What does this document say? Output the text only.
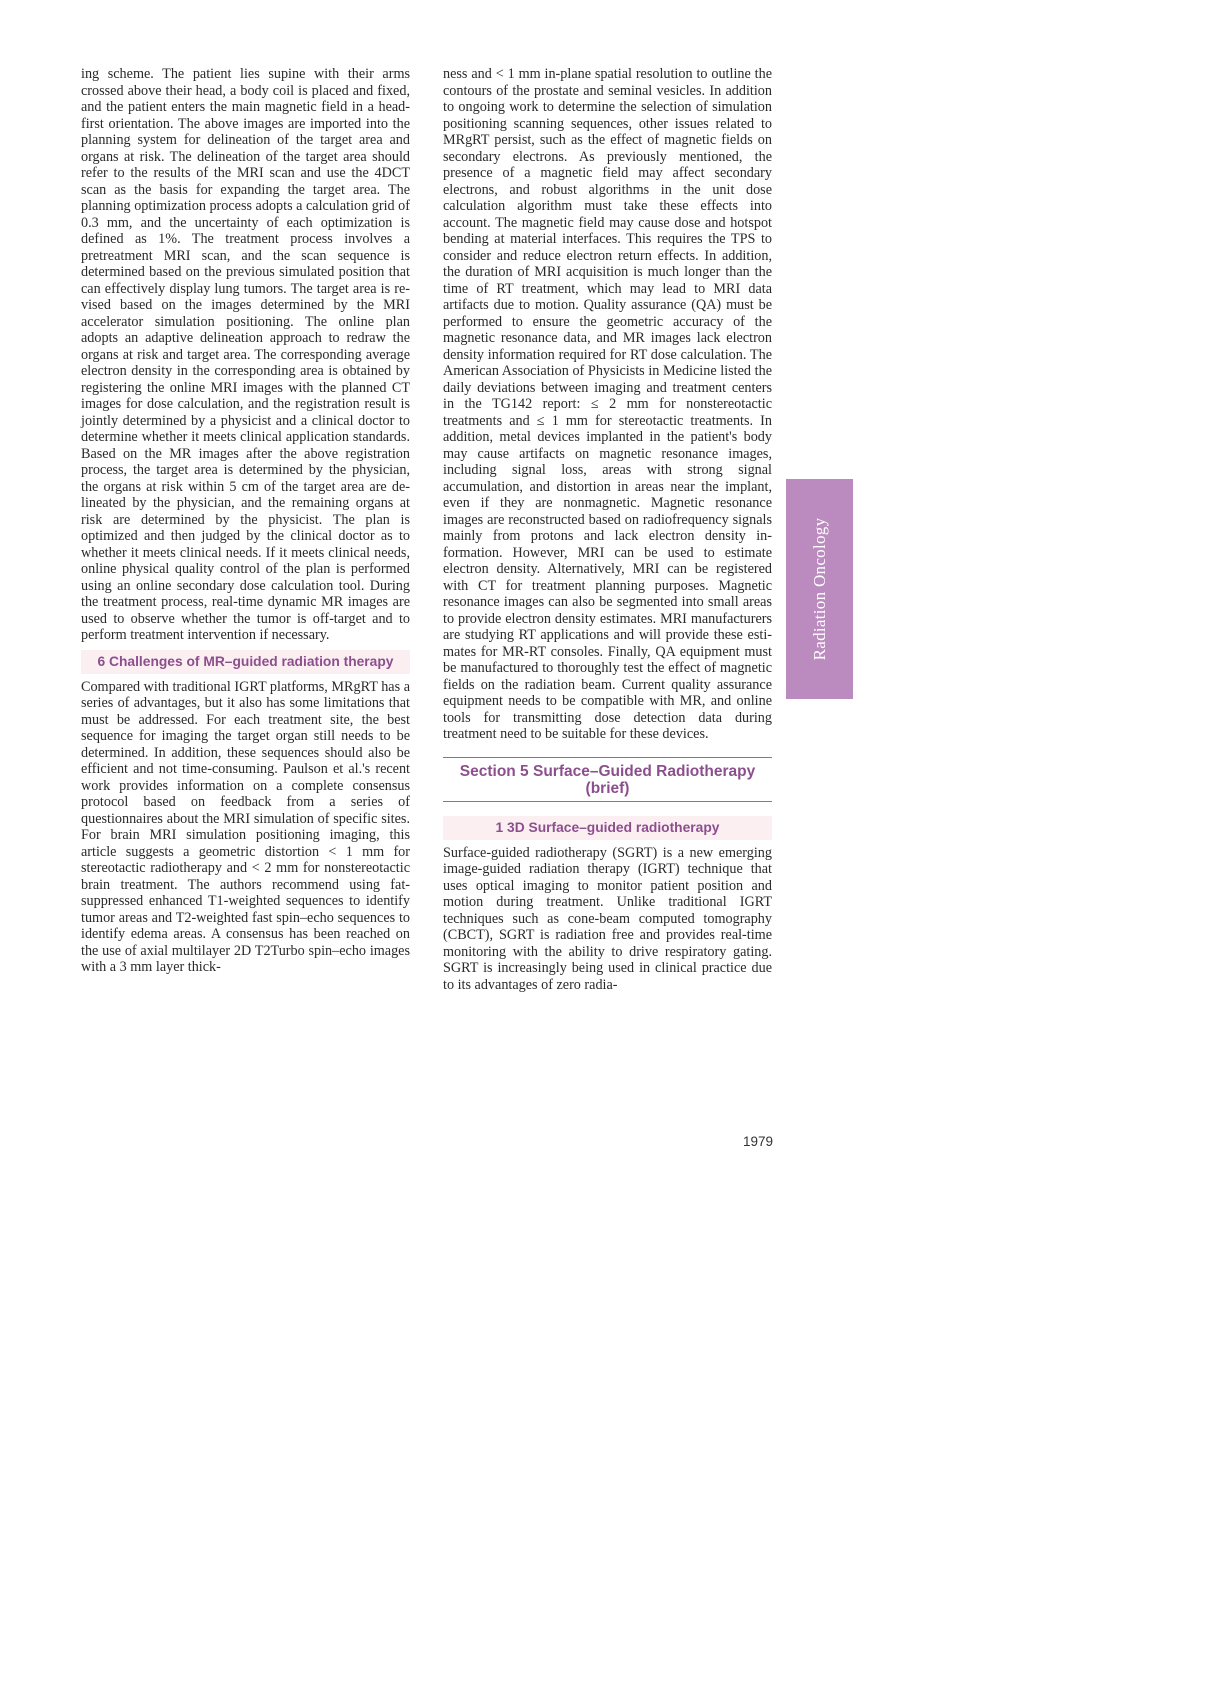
ing scheme. The patient lies supine with their arms crossed above their head, a body coil is placed and fixed, and the patient enters the main magnetic field in a head-first orientation. The above images are imported into the planning system for delineation of the target area and organs at risk. The delineation of the target area should refer to the results of the MRI scan and use the 4DCT scan as the basis for expanding the target area. The planning optimization process adopts a calculation grid of 0.3 mm, and the uncertainty of each optimization is defined as 1%. The treatment process involves a pretreatment MRI scan, and the scan sequence is determined based on the previous simulated position that can effectively display lung tumors. The target area is revised based on the images determined by the MRI accelerator simulation positioning. The online plan adopts an adaptive delineation approach to redraw the organs at risk and target area. The corresponding average electron density in the corresponding area is obtained by registering the online MRI images with the planned CT images for dose calculation, and the registration result is jointly determined by a physicist and a clinical doctor to determine whether it meets clinical application standards. Based on the MR images after the above registration process, the target area is determined by the physician, the organs at risk within 5 cm of the target area are delineated by the physician, and the remaining organs at risk are determined by the physicist. The plan is optimized and then judged by the clinical doctor as to whether it meets clinical needs. If it meets clinical needs, online physical quality control of the plan is performed using an online secondary dose calculation tool. During the treatment process, real-time dynamic MR images are used to observe whether the tumor is off-target and to perform treatment intervention if necessary.

6 Challenges of MR–guided radiation therapy

Compared with traditional IGRT platforms, MRgRT has a series of advantages, but it also has some limitations that must be addressed. For each treatment site, the best sequence for imaging the target organ still needs to be determined. In addition, these sequences should also be efficient and not time-consuming. Paulson et al.'s recent work provides information on a complete consensus protocol based on feedback from a series of questionnaires about the MRI simulation of specific sites. For brain MRI simulation positioning imaging, this article suggests a geometric distortion < 1 mm for stereotactic radiotherapy and < 2 mm for nonstereotactic brain treatment. The authors recommend using fat-suppressed enhanced T1-weighted sequences to identify tumor areas and T2-weighted fast spin–echo sequences to identify edema areas. A consensus has been reached on the use of axial multilayer 2D T2Turbo spin–echo images with a 3 mm layer thick-

ness and < 1 mm in-plane spatial resolution to outline the contours of the prostate and seminal vesicles. In addition to ongoing work to determine the selection of simulation positioning scanning sequences, other issues related to MRgRT persist, such as the effect of magnetic fields on secondary electrons. As previously mentioned, the presence of a magnetic field may affect secondary electrons, and robust algorithms in the unit dose calculation algorithm must take these effects into account. The magnetic field may cause dose and hotspot bending at material interfaces. This requires the TPS to consider and reduce electron return effects. In addition, the duration of MRI acquisition is much longer than the time of RT treatment, which may lead to MRI data artifacts due to motion. Quality assurance (QA) must be performed to ensure the geometric accuracy of the magnetic resonance data, and MR images lack electron density information required for RT dose calculation. The American Association of Physicists in Medicine listed the daily deviations between imaging and treatment centers in the TG142 report: ≤ 2 mm for nonstereotactic treatments and ≤ 1 mm for stereotactic treatments. In addition, metal devices implanted in the patient's body may cause artifacts on magnetic resonance images, including signal loss, areas with strong signal accumulation, and distortion in areas near the implant, even if they are nonmagnetic. Magnetic resonance images are reconstructed based on radiofrequency signals mainly from protons and lack electron density information. However, MRI can be used to estimate electron density. Alternatively, MRI can be registered with CT for treatment planning purposes. Magnetic resonance images can also be segmented into small areas to provide electron density estimates. MRI manufacturers are studying RT applications and will provide these estimates for MR-RT consoles. Finally, QA equipment must be manufactured to thoroughly test the effect of magnetic fields on the radiation beam. Current quality assurance equipment needs to be compatible with MR, and online tools for transmitting dose detection data during treatment need to be suitable for these devices.

Section 5 Surface–Guided Radiotherapy
(brief)
1 3D Surface–guided radiotherapy

Surface-guided radiotherapy (SGRT) is a new emerging image-guided radiation therapy (IGRT) technique that uses optical imaging to monitor patient position and motion during treatment. Unlike traditional IGRT techniques such as cone-beam computed tomography (CBCT), SGRT is radiation free and provides real-time monitoring with the ability to drive respiratory gating. SGRT is increasingly being used in clinical practice due to its advantages of zero radia-

Radiation Oncology
1979
